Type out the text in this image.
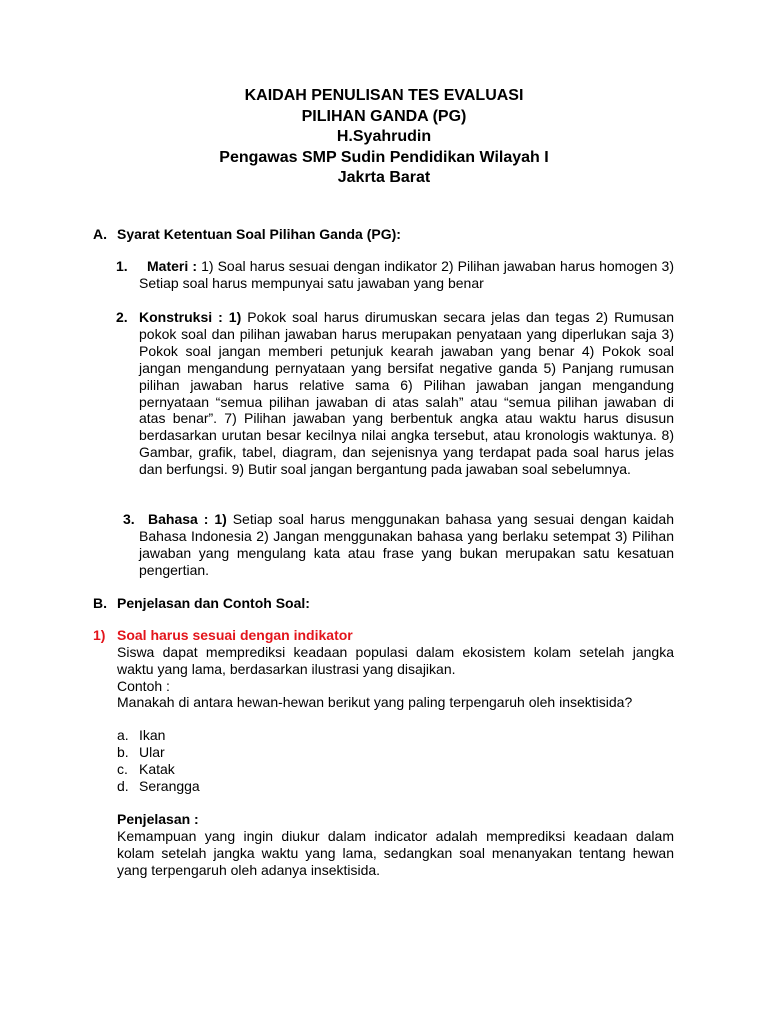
KAIDAH PENULISAN TES EVALUASI
PILIHAN GANDA (PG)
H.Syahrudin
Pengawas SMP Sudin Pendidikan Wilayah I
Jakrta Barat
A. Syarat Ketentuan Soal Pilihan Ganda (PG):
1.	Materi : 1) Soal harus sesuai dengan indikator 2) Pilihan jawaban harus homogen 3) Setiap soal harus mempunyai satu jawaban yang benar
2. Konstruksi : 1) Pokok soal harus dirumuskan secara jelas dan tegas 2) Rumusan pokok soal dan pilihan jawaban harus merupakan penyataan yang diperlukan saja 3) Pokok soal jangan memberi petunjuk kearah jawaban yang benar 4) Pokok soal jangan mengandung pernyataan yang bersifat negative ganda 5) Panjang rumusan pilihan jawaban harus relative sama 6) Pilihan jawaban jangan mengandung pernyataan “semua pilihan jawaban di atas salah” atau “semua pilihan jawaban di atas benar”. 7) Pilihan jawaban yang berbentuk angka atau waktu harus disusun berdasarkan urutan besar kecilnya nilai angka tersebut, atau kronologis waktunya. 8) Gambar, grafik, tabel, diagram, dan sejenisnya yang terdapat pada soal harus jelas dan berfungsi. 9) Butir soal jangan bergantung pada jawaban soal sebelumnya.
3. Bahasa : 1) Setiap soal harus menggunakan bahasa yang sesuai dengan kaidah Bahasa Indonesia 2) Jangan menggunakan bahasa yang berlaku setempat 3) Pilihan jawaban yang mengulang kata atau frase yang bukan merupakan satu kesatuan pengertian.
B. Penjelasan dan Contoh Soal:
1) Soal harus sesuai dengan indikator
Siswa dapat memprediksi keadaan populasi dalam ekosistem kolam setelah jangka waktu yang lama, berdasarkan ilustrasi yang disajikan.
Contoh :
Manakah di antara hewan-hewan berikut yang paling terpengaruh oleh insektisida?
a. Ikan
b. Ular
c. Katak
d. Serangga
Penjelasan :
Kemampuan yang ingin diukur dalam indicator adalah memprediksi keadaan dalam kolam setelah jangka waktu yang lama, sedangkan soal menanyakan tentang hewan yang terpengaruh oleh adanya insektisida.
